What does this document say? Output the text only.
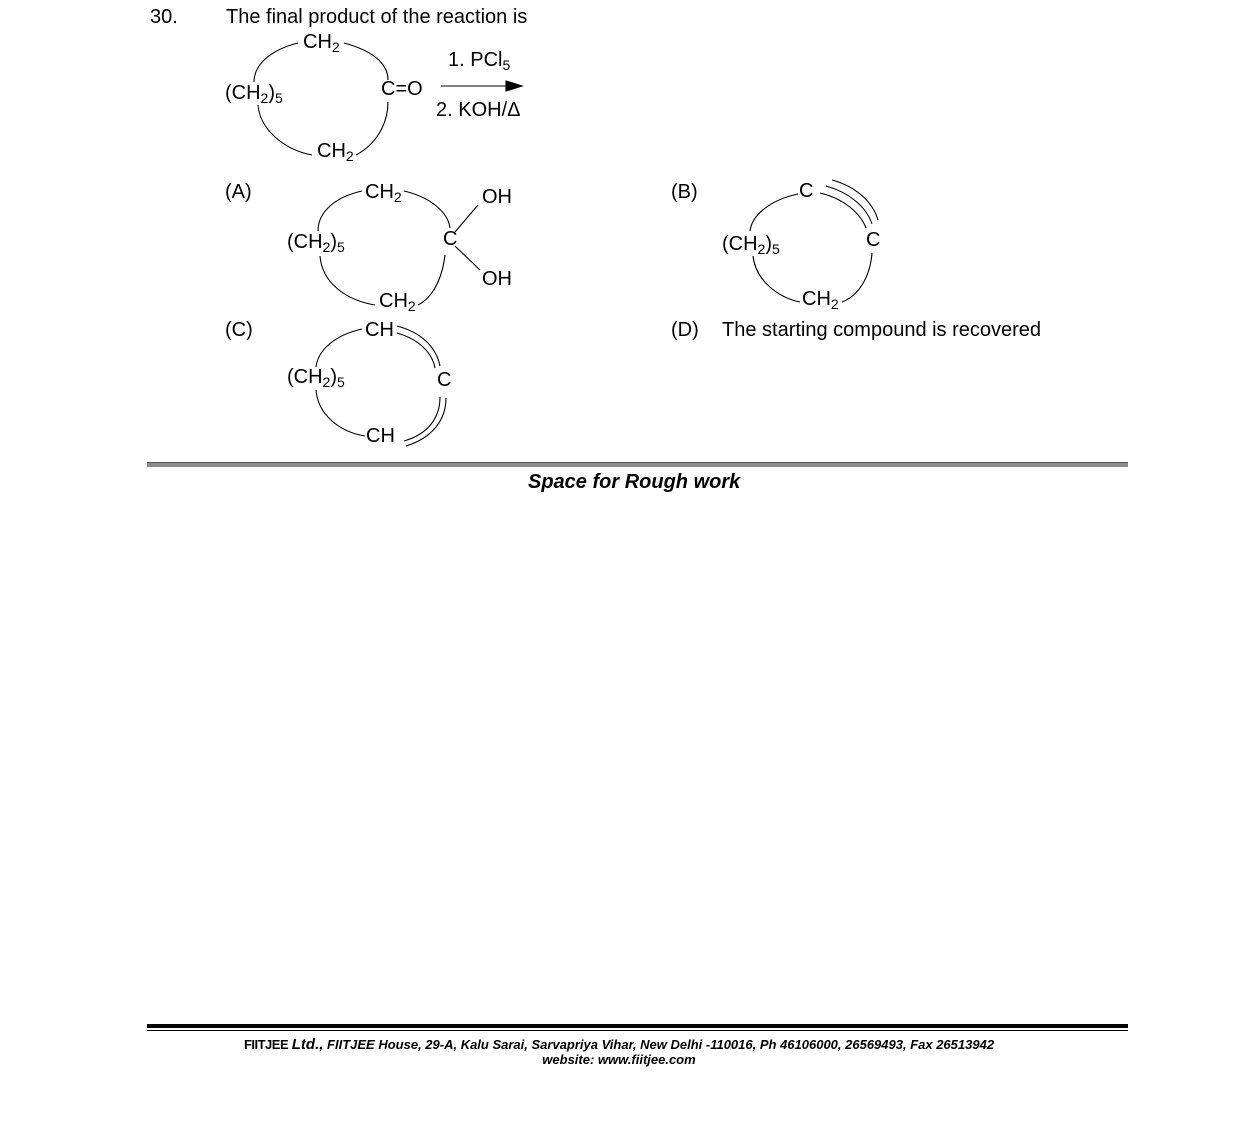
30. The final product of the reaction is
$CH_2$
$(CH_2)_5$	C=O
$CH_2$
1. PCl$_5$
2. KOH/Δ
(A)	$CH_2$
$(CH_2)_5$	C
OH
OH
$CH_2$
(B)	C
$(CH_2)_5$	C
$CH_2$
(C)	CH
$(CH_2)_5$	C
CH
(D) The starting compound is recovered
Space for Rough work
FIITJEE Ltd., FIITJEE House, 29-A, Kalu Sarai, Sarvapriya Vihar, New Delhi -110016, Ph 46106000, 26569493, Fax 26513942
website: www.fiitjee.com
